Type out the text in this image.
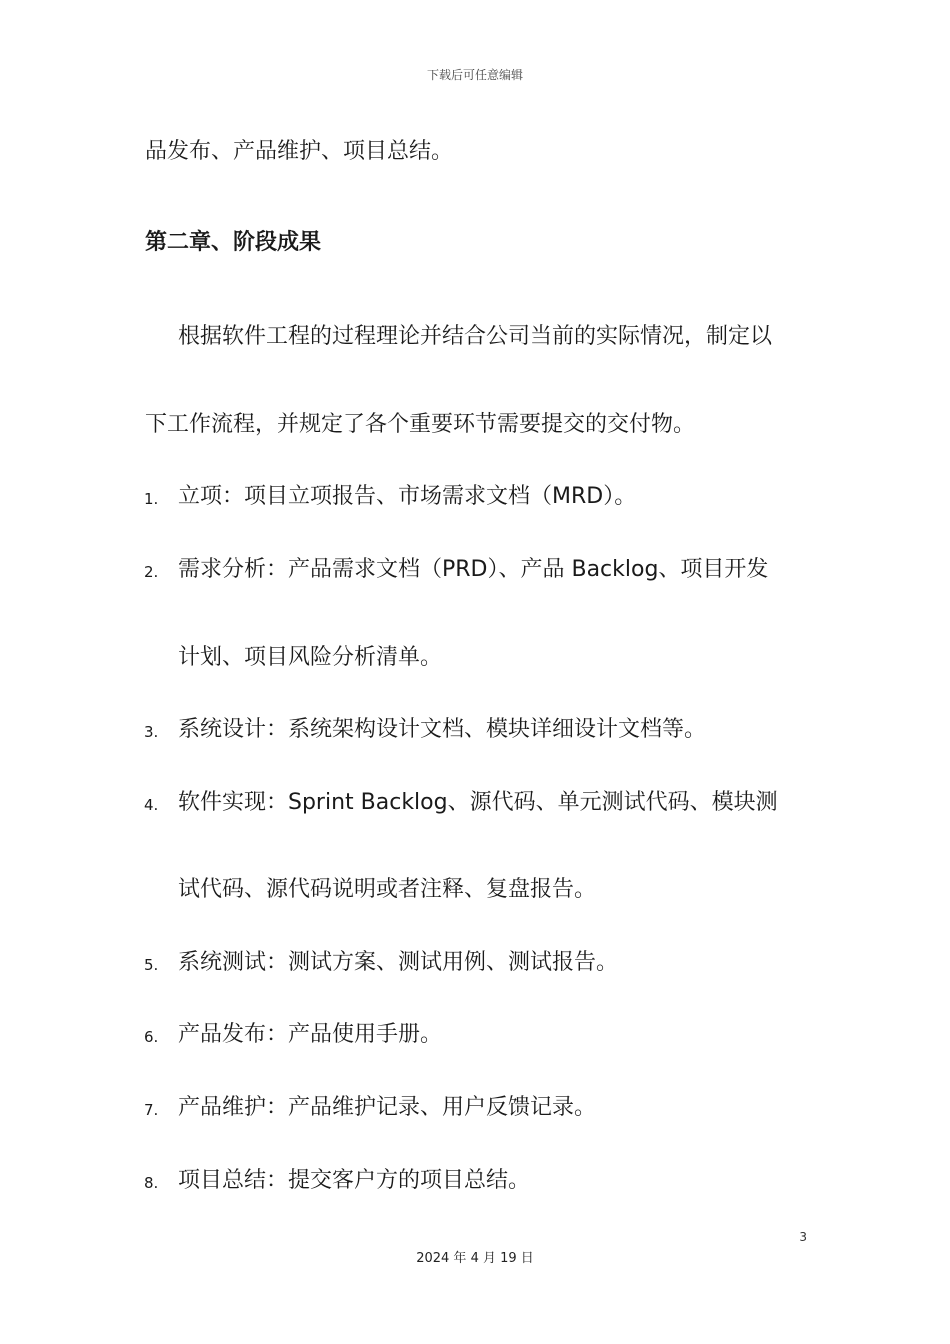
下载后可任意编辑
品发布、产品维护、项目总结。
第二章、阶段成果
根据软件工程的过程理论并结合公司当前的实际情况，制定以
下工作流程，并规定了各个重要环节需要提交的交付物。
1. 立项：项目立项报告、市场需求文档（MRD）。
2. 需求分析：产品需求文档（PRD）、产品 Backlog、项目开发
计划、项目风险分析清单。
3. 系统设计：系统架构设计文档、模块详细设计文档等。
4. 软件实现：Sprint Backlog、源代码、单元测试代码、模块测
试代码、源代码说明或者注释、复盘报告。
5. 系统测试：测试方案、测试用例、测试报告。
6. 产品发布：产品使用手册。
7. 产品维护：产品维护记录、用户反馈记录。
8. 项目总结：提交客户方的项目总结。
3
2024 年 4 月 19 日
